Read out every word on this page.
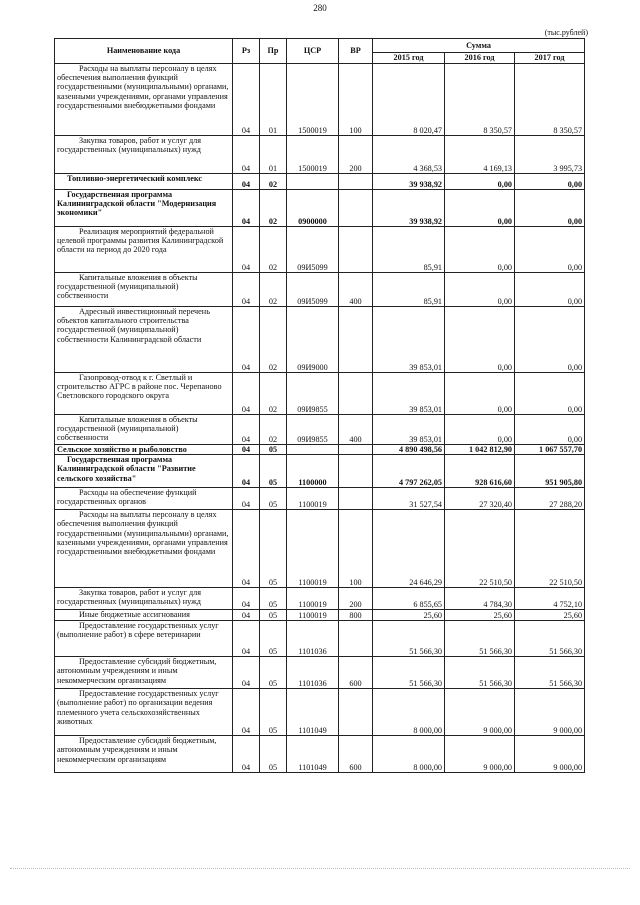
280
(тыс.рублей)
Наименование кода	Рз	Пр	ЦСР	ВР	Сумма		
					2015 год	2016 год	2017 год

Расходы на выплаты персоналу в целях обеспечения выполнения функций государственными (муниципальными) органами, казенными учреждениями, органами управления государственными внебюджетными фондами	04	01	1500019	100	8 020,47	8 350,57	8 350,57

Закупка товаров, работ и услуг для государственных (муниципальных) нужд	04	01	1500019	200	4 368,53	4 169,13	3 995,73

Топливно-энергетический комплекс	04	02			39 938,92	0,00	0,00

Государственная программа Калининградской области "Модернизация экономики"	04	02	0900000		39 938,92	0,00	0,00

Реализация мероприятий федеральной целевой программы развития Калининградской области на период до 2020 года	04	02	09И5099		85,91	0,00	0,00

Капитальные вложения в объекты государственной (муниципальной) собственности	04	02	09И5099	400	85,91	0,00	0,00

Адресный инвестиционный перечень объектов капитального строительства государственной (муниципальной) собственности Калининградской области	04	02	09И9000		39 853,01	0,00	0,00

Газопровод-отвод к г. Светлый и строительство АГРС в районе пос. Черепаново Светловского городского округа	04	02	09И9855		39 853,01	0,00	0,00

Капитальные вложения в объекты государственной (муниципальной) собственности	04	02	09И9855	400	39 853,01	0,00	0,00

Сельское хозяйство и рыболовство	04	05			4 890 498,56	1 042 812,90	1 067 557,70

Государственная программа Калининградской области "Развитие сельского хозяйства"	04	05	1100000		4 797 262,05	928 616,60	951 905,80

Расходы на обеспечение функций государственных органов	04	05	1100019		31 527,54	27 320,40	27 288,20

Расходы на выплаты персоналу в целях обеспечения выполнения функций государственными (муниципальными) органами, казенными учреждениями, органами управления государственными внебюджетными фондами	04	05	1100019	100	24 646,29	22 510,50	22 510,50

Закупка товаров, работ и услуг для государственных (муниципальных) нужд	04	05	1100019	200	6 855,65	4 784,30	4 752,10

Иные бюджетные ассигнования	04	05	1100019	800	25,60	25,60	25,60

Предоставление государственных услуг (выполнение работ) в сфере ветеринарии	04	05	1101036		51 566,30	51 566,30	51 566,30

Предоставление субсидий бюджетным, автономным учреждениям и иным некоммерческим организациям	04	05	1101036	600	51 566,30	51 566,30	51 566,30

Предоставление государственных услуг (выполнение работ) по организации ведения племенного учета сельскохозяйственных животных	04	05	1101049		8 000,00	9 000,00	9 000,00

Предоставление субсидий бюджетным, автономным учреждениям и иным некоммерческим организациям	04	05	1101049	600	8 000,00	9 000,00	9 000,00
